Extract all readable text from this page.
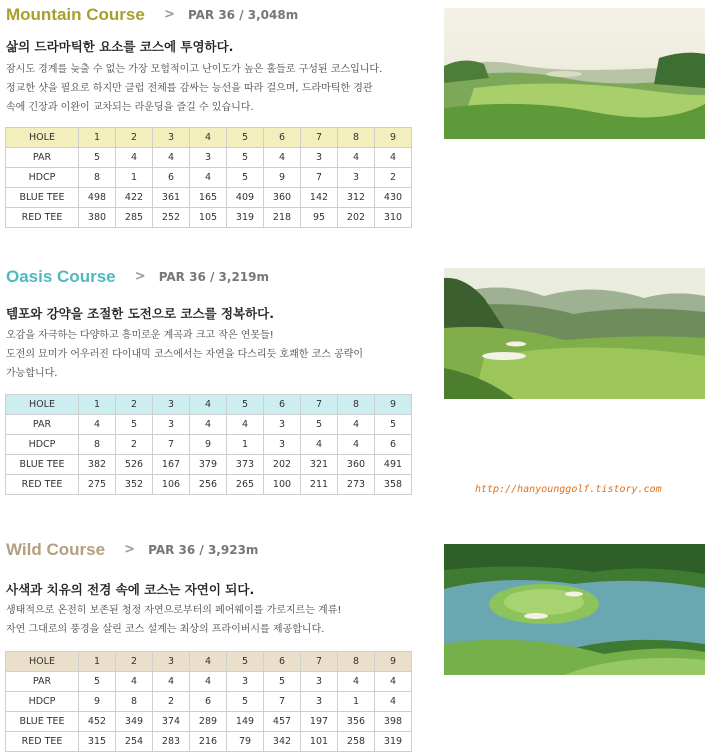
Mountain Course > PAR 36 / 3,048m
삶의 드라마틱한 요소를 코스에 투영하다.
잠시도 경계를 늦출 수 없는 가장 모험적이고 난이도가 높은 홀들로 구성된 코스입니다.
정교한 샷을 필요로 하지만 클럽 전체를 감싸는 능선을 따라 걸으며, 드라마틱한 경관
속에 긴장과 이완이 교차되는 라운딩을 즐길 수 있습니다.
HOLE	1	2	3	4	5	6	7	8	9
PAR	5	4	4	3	5	4	3	4	4
HDCP	8	1	6	4	5	9	7	3	2
BLUE TEE	498	422	361	165	409	360	142	312	430
RED TEE	380	285	252	105	319	218	95	202	310
Oasis Course > PAR 36 / 3,219m
템포와 강약을 조절한 도전으로 코스를 정복하다.
오감을 자극하는 다양하고 흥미로운 계곡과 크고 작은 연못들!
도전의 묘미가 어우러진 다이내믹 코스에서는 자연을 다스리듯 호쾌한 코스 공략이
가능합니다.
HOLE	1	2	3	4	5	6	7	8	9
PAR	4	5	3	4	4	3	5	4	5
HDCP	8	2	7	9	1	3	4	4	6
BLUE TEE	382	526	167	379	373	202	321	360	491
RED TEE	275	352	106	256	265	100	211	273	358
Wild Course > PAR 36 / 3,923m
사색과 치유의 전경 속에 코스는 자연이 되다.
생태적으로 온전히 보존된 청정 자연으로부터의 페어웨이를 가로지르는 계류!
자연 그대로의 풍경을 살린 코스 설계는 최상의 프라이버시를 제공합니다.
HOLE	1	2	3	4	5	6	7	8	9
PAR	5	4	4	4	3	5	3	4	4
HDCP	9	8	2	6	5	7	3	1	4
BLUE TEE	452	349	374	289	149	457	197	356	398
RED TEE	315	254	283	216	79	342	101	258	319
http://hanyounggolf.tistory.com
